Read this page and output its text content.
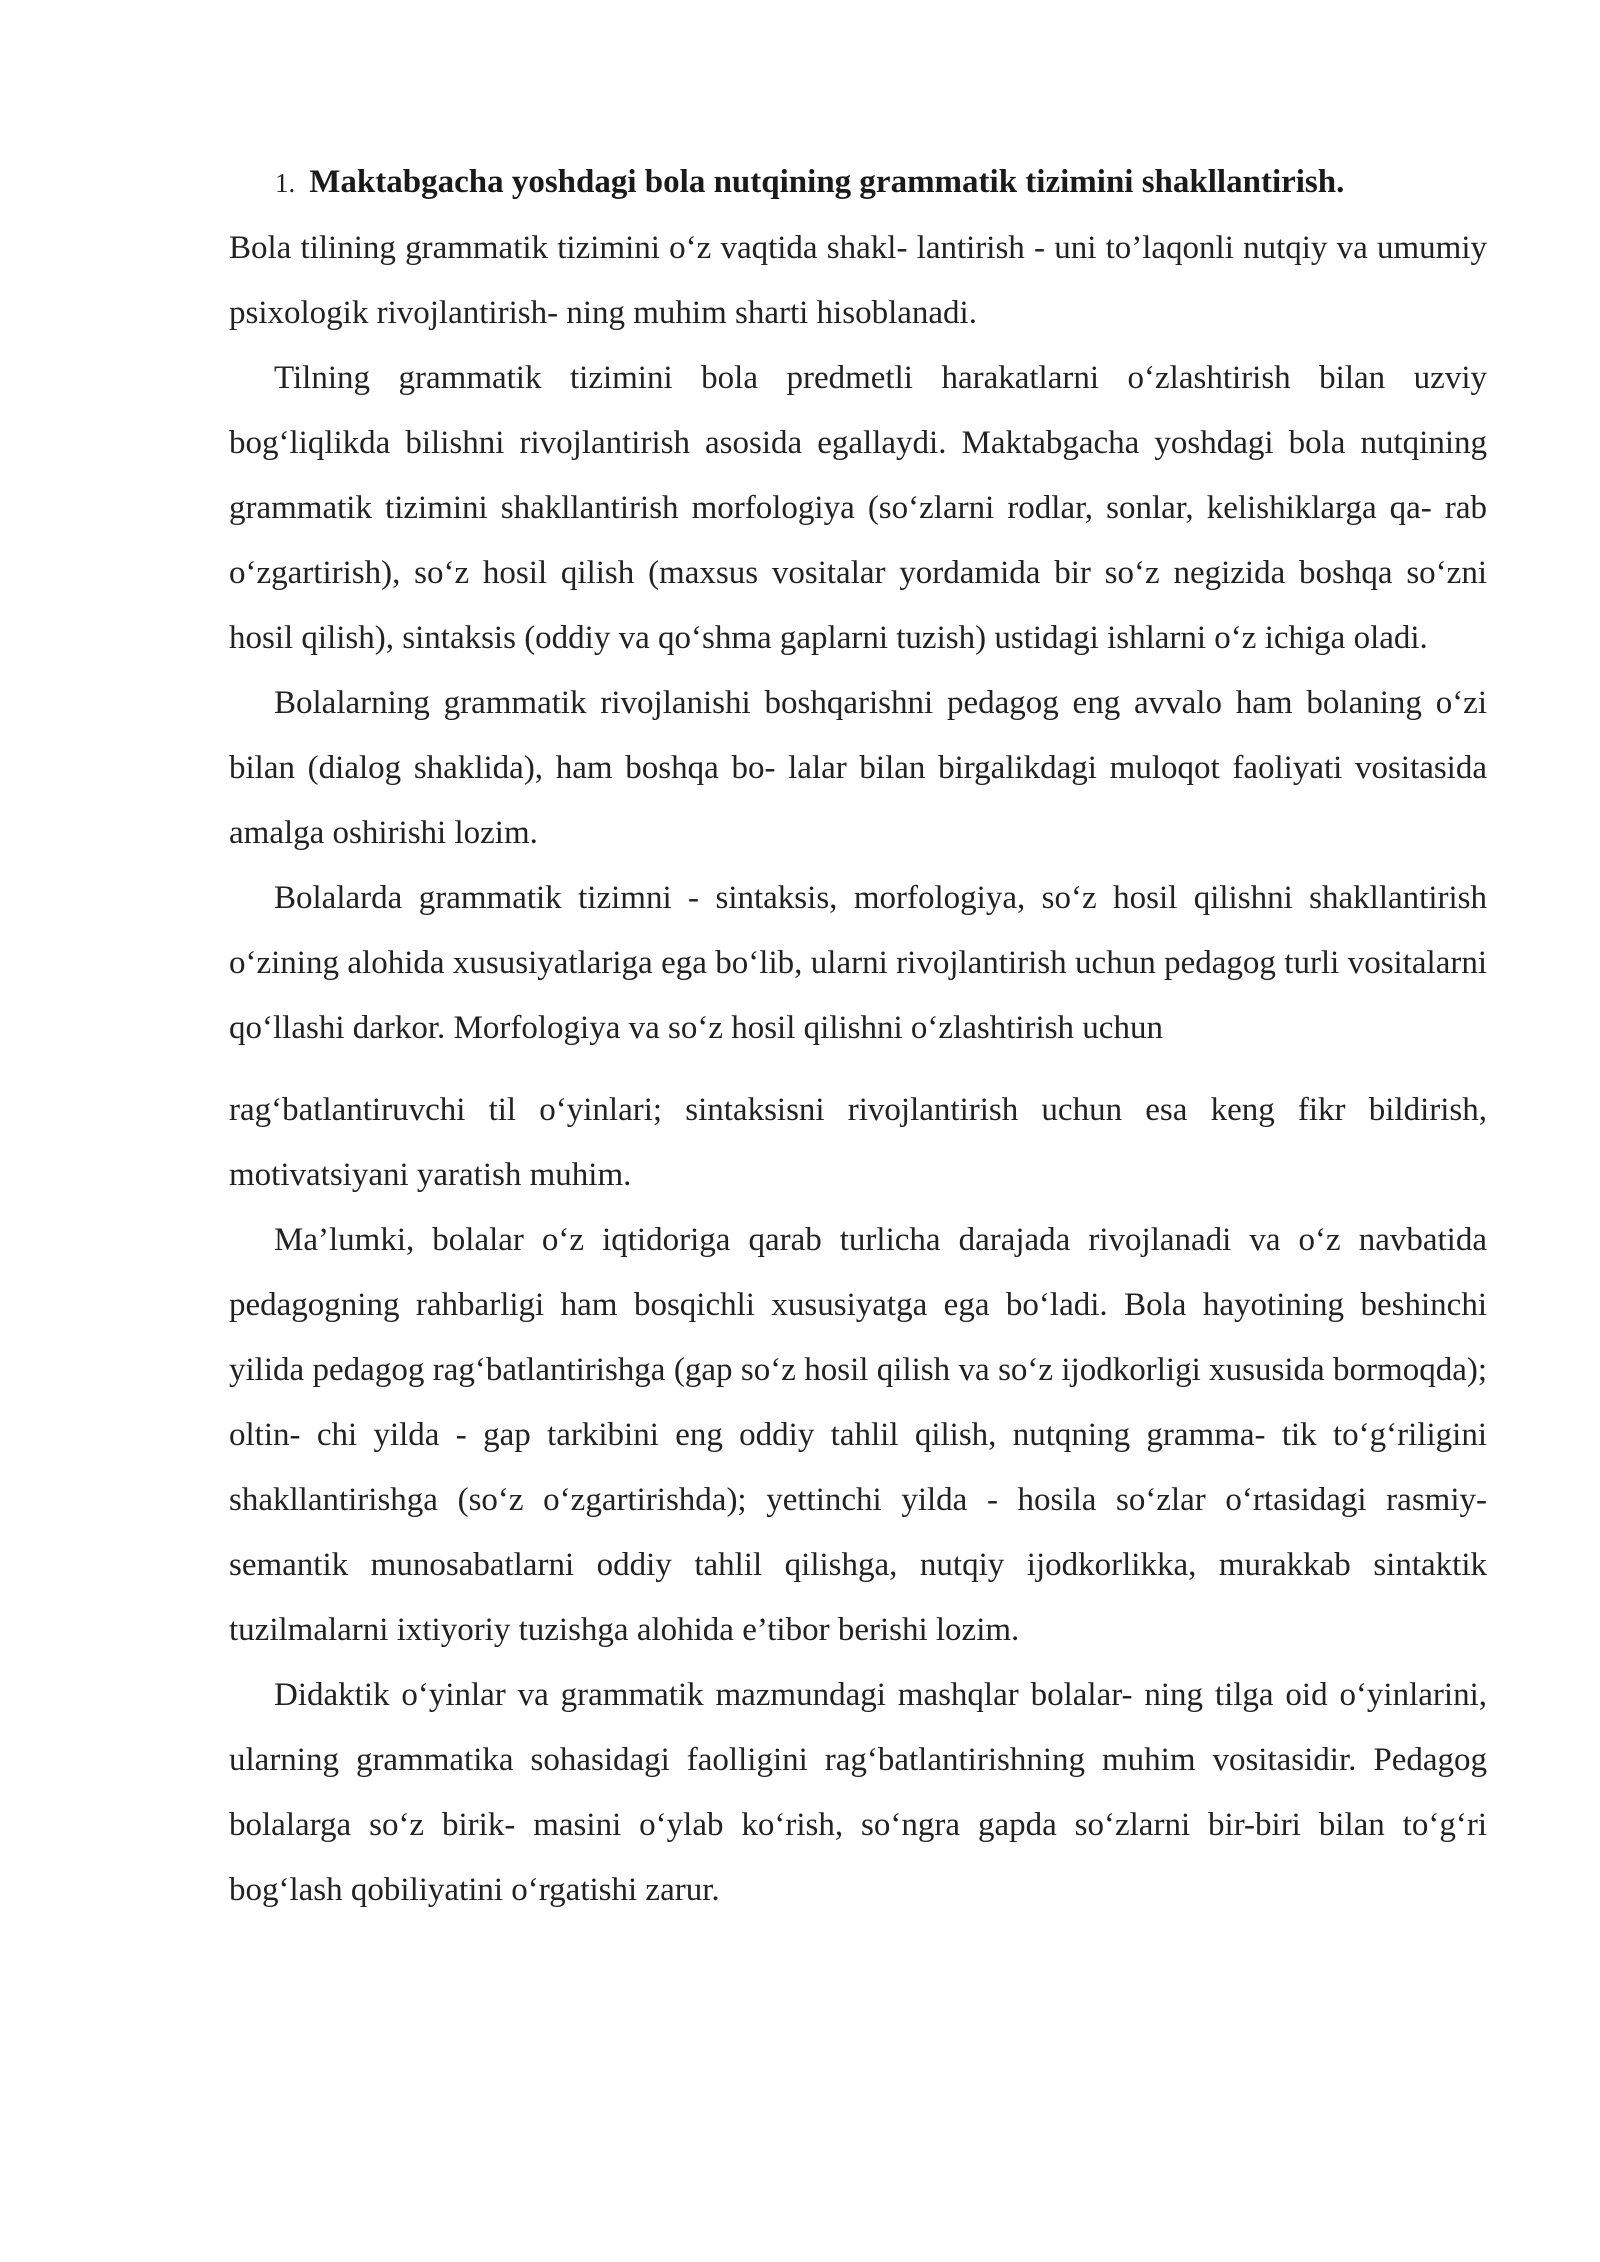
1. Maktabgacha yoshdagi bola nutqining grammatik tizimini shakllantirish.

Bola tilining grammatik tizimini o‘z vaqtida shakl- lantirish - uni to’laqonli nutqiy va umumiy psixologik rivojlantirish- ning muhim sharti hisoblanadi.

Tilning grammatik tizimini bola predmetli harakatlarni o‘zlashtirish bilan uzviy bog‘liqlikda bilishni rivojlantirish asosida egallaydi. Maktabgacha yoshdagi bola nutqining grammatik tizimini shakllantirish morfologiya (so‘zlarni rodlar, sonlar, kelishiklarga qa- rab o‘zgartirish), so‘z hosil qilish (maxsus vositalar yordamida bir so‘z negizida boshqa so‘zni hosil qilish), sintaksis (oddiy va qo‘shma gaplarni tuzish) ustidagi ishlarni o‘z ichiga oladi.

Bolalarning grammatik rivojlanishi boshqarishni pedagog eng avvalo ham bolaning o‘zi bilan (dialog shaklida), ham boshqa bo- lalar bilan birgalikdagi muloqot faoliyati vositasida amalga oshirishi lozim.

Bolalarda grammatik tizimni - sintaksis, morfologiya, so‘z hosil qilishni shakllantirish o‘zining alohida xususiyatlariga ega bo‘lib, ularni rivojlantirish uchun pedagog turli vositalarni qo‘llashi darkor. Morfologiya va so‘z hosil qilishni o‘zlashtirish uchun

rag‘batlantiruvchi til o‘yinlari; sintaksisni rivojlantirish uchun esa keng fikr bildirish, motivatsiyani yaratish muhim.

Ma’lumki, bolalar o‘z iqtidoriga qarab turlicha darajada rivojlanadi va o‘z navbatida pedagogning rahbarligi ham bosqichli xususiyatga ega bo‘ladi. Bola hayotining beshinchi yilida pedagog rag‘batlantirishga (gap so‘z hosil qilish va so‘z ijodkorligi xususida bormoqda); oltin- chi yilda - gap tarkibini eng oddiy tahlil qilish, nutqning gramma- tik to‘g‘riligini shakllantirishga (so‘z o‘zgartirishda); yettinchi yilda - hosila so‘zlar o‘rtasidagi rasmiy-semantik munosabatlarni oddiy tahlil qilishga, nutqiy ijodkorlikka, murakkab sintaktik tuzilmalarni ixtiyoriy tuzishga alohida e’tibor berishi lozim.

Didaktik o‘yinlar va grammatik mazmundagi mashqlar bolalar- ning tilga oid o‘yinlarini, ularning grammatika sohasidagi faolligini rag‘batlantirishning muhim vositasidir. Pedagog bolalarga so‘z birik- masini o‘ylab ko‘rish, so‘ngra gapda so‘zlarni bir-biri bilan to‘g‘ri bog‘lash qobiliyatini o‘rgatishi zarur.
